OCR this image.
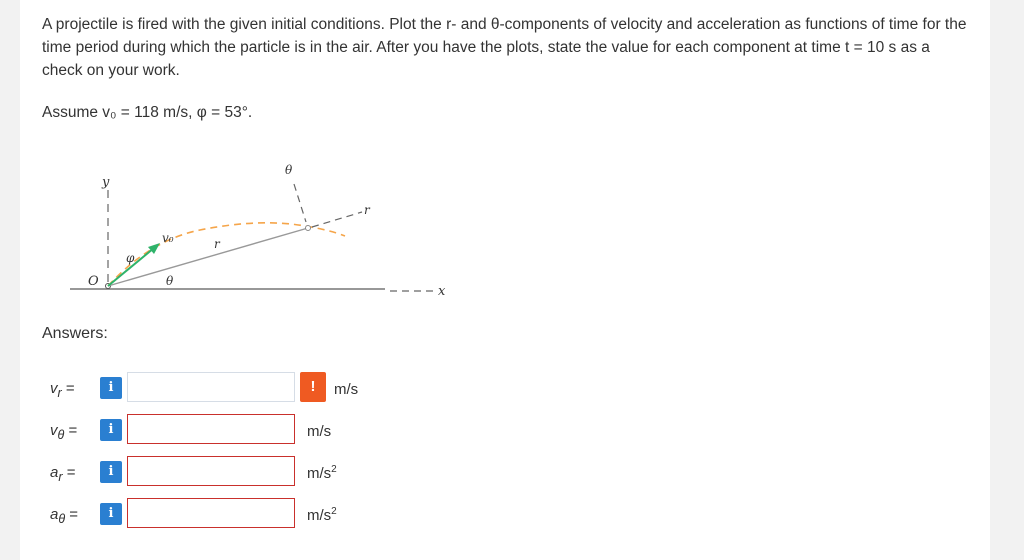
A projectile is fired with the given initial conditions. Plot the r- and θ-components of velocity and acceleration as functions of time for the time period during which the particle is in the air. After you have the plots, state the value for each component at time t = 10 s as a check on your work.
Assume v₀ = 118 m/s, φ = 53°.
x
y
O
r
θ
v₀
φ
r
θ
Answers:
$v_r$ =	i	!	m/s
$v_\theta$ =	i	m/s
$a_r$ =	i	$m/s^2$
$a_\theta$ =	i	$m/s^2$
